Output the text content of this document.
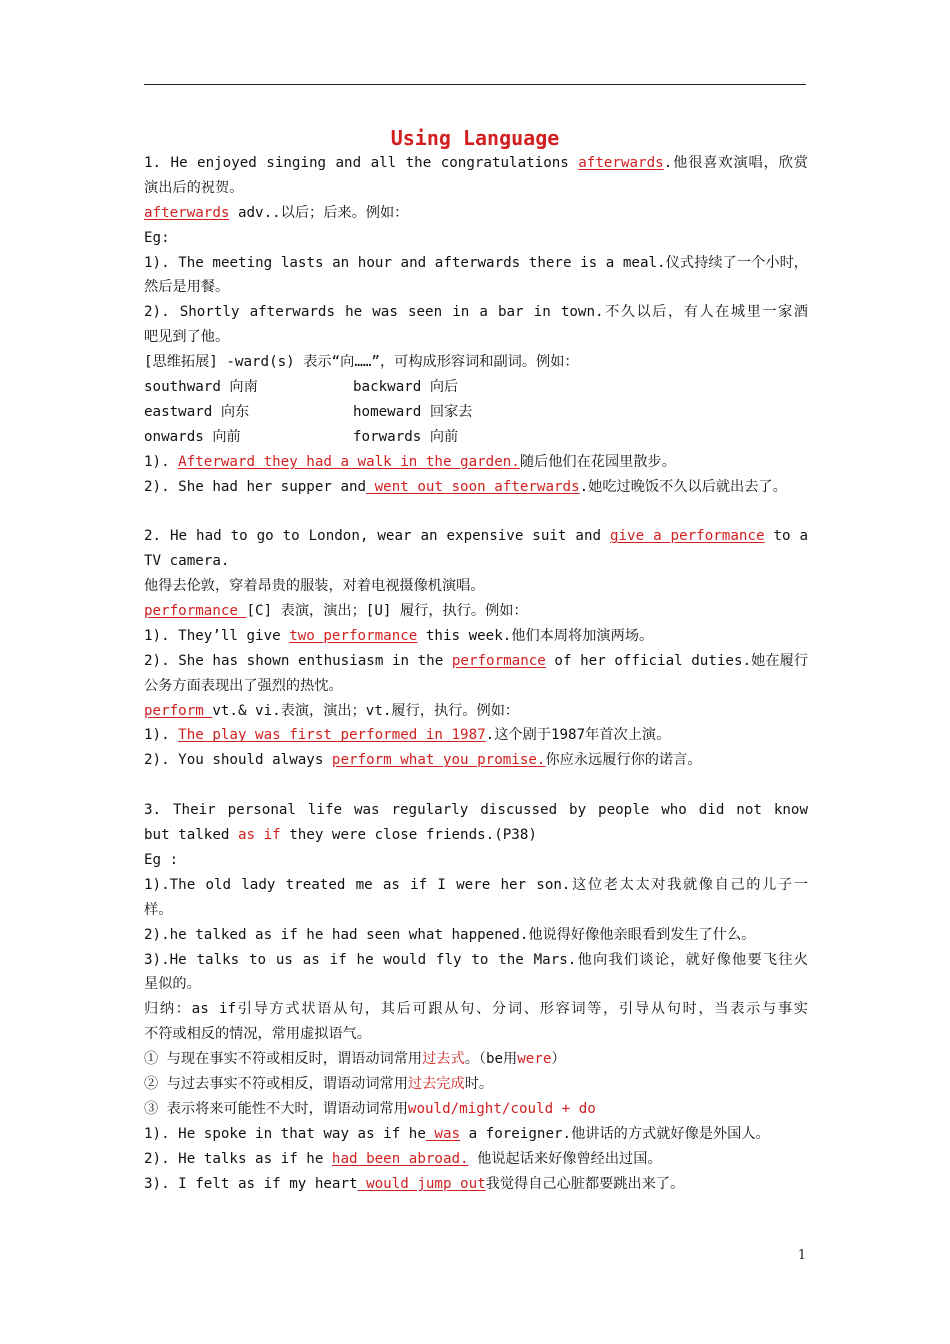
Using Language
1. He enjoyed singing and all the congratulations afterwards.他很喜欢演唱，欣赏
演出后的祝贺。
afterwards adv..以后；后来。例如：
Eg:
1). The meeting lasts an hour and afterwards there is a meal.仪式持续了一个小时，
然后是用餐。
2). Shortly afterwards he was seen in a bar in town.不久以后，有人在城里一家酒
吧见到了他。
[思维拓展] -ward(s) 表示“向……”，可构成形容词和副词。例如：
southward 向南	backward 向后
eastward 向东	homeward 回家去
onwards 向前	forwards 向前
1). Afterward they had a walk in the garden.随后他们在花园里散步。
2). She had her supper and went out soon afterwards.她吃过晚饭不久以后就出去了。
2. He had to go to London, wear an expensive suit and give a performance to a
TV camera.
他得去伦敦，穿着昂贵的服装，对着电视摄像机演唱。
performance [C] 表演，演出；[U] 履行，执行。例如：
1). They’ll give two performance this week.他们本周将加演两场。
2). She has shown enthusiasm in the performance of her official duties.她在履行
公务方面表现出了强烈的热忱。
perform vt.& vi.表演，演出；vt.履行，执行。例如：
1). The play was first performed in 1987.这个剧于1987年首次上演。
2). You should always perform what you promise.你应永远履行你的诺言。
3. Their personal life was regularly discussed by people who did not know
but talked as if they were close friends.(P38)
Eg :
1).The old lady treated me as if I were her son.这位老太太对我就像自己的儿子一
样。
2).he talked as if he had seen what happened.他说得好像他亲眼看到发生了什么。
3).He talks to us as if he would fly to the Mars.他向我们谈论，就好像他要飞往火
星似的。
归纳：as if引导方式状语从句，其后可跟从句、分词、形容词等，引导从句时，当表示与事实
不符或相反的情况，常用虚拟语气。
① 与现在事实不符或相反时，谓语动词常用过去式。（be用were）
② 与过去事实不符或相反，谓语动词常用过去完成时。
③ 表示将来可能性不大时，谓语动词常用would/might/could + do
1). He spoke in that way as if he was a foreigner.他讲话的方式就好像是外国人。
2). He talks as if he had been abroad. 他说起话来好像曾经出过国。
3). I felt as if my heart would jump out我觉得自己心脏都要跳出来了。
1
